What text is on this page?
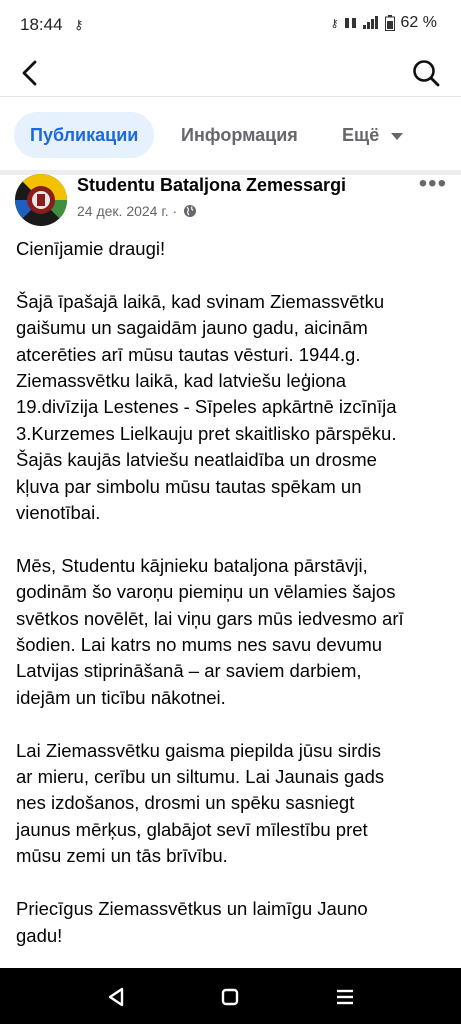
18:44 ⚷	⚷	62 %
Публикации	Информация Ещё
Studentu Bataljona Zemessargi
24 дек. 2024 г. ·
•••

Cienījamie draugi!

Šajā īpašajā laikā, kad svinam Ziemassvētku
gaišumu un sagaidām jauno gadu, aicinām
atcerēties arī mūsu tautas vēsturi. 1944.g.
Ziemassvētku laikā, kad latviešu leģiona
19.divīzija Lestenes - Sīpeles apkārtnē izcīnīja
3.Kurzemes Lielkauju pret skaitlisko pārspēku.
Šajās kaujās latviešu neatlaidība un drosme
kļuva par simbolu mūsu tautas spēkam un
vienotībai.

Mēs, Studentu kājnieku bataljona pārstāvji,
godinām šo varoņu piemiņu un vēlamies šajos
svētkos novēlēt, lai viņu gars mūs iedvesmo arī
šodien. Lai katrs no mums nes savu devumu
Latvijas stiprināšanā – ar saviem darbiem,
idejām un ticību nākotnei.

Lai Ziemassvētku gaisma piepilda jūsu sirdis
ar mieru, cerību un siltumu. Lai Jaunais gads
nes izdošanos, drosmi un spēku sasniegt
jaunus mērķus, glabājot sevī mīlestību pret
mūsu zemi un tās brīvību.

Priecīgus Ziemassvētkus un laimīgu Jauno
gadu!
